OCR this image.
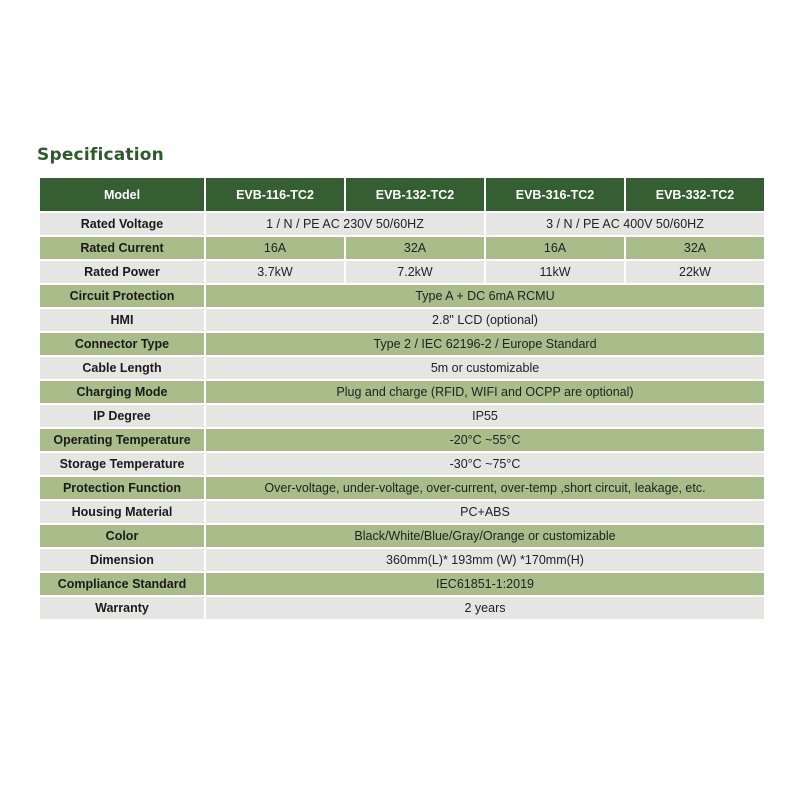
Specification
Model	EVB-116-TC2	EVB-132-TC2	EVB-316-TC2	EVB-332-TC2
Rated Voltage	1 / N / PE AC 230V 50/60HZ		3 / N / PE AC 400V 50/60HZ	
Rated Current	16A	32A	16A	32A
Rated Power	3.7kW	7.2kW	11kW	22kW
Circuit Protection	Type A + DC 6mA RCMU			
HMI	2.8" LCD (optional)			
Connector Type	Type 2 / IEC 62196-2 / Europe Standard			
Cable Length	5m or customizable			
Charging Mode	Plug and charge (RFID, WIFI and OCPP are optional)			
IP Degree	IP55			
Operating Temperature	-20°C ~55°C			
Storage Temperature	-30°C ~75°C			
Protection Function	Over-voltage, under-voltage, over-current, over-temp ,short circuit, leakage, etc.			
Housing Material	PC+ABS			
Color	Black/White/Blue/Gray/Orange or customizable			
Dimension	360mm(L)* 193mm (W) *170mm(H)			
Compliance Standard	IEC61851-1:2019			
Warranty	2 years			
